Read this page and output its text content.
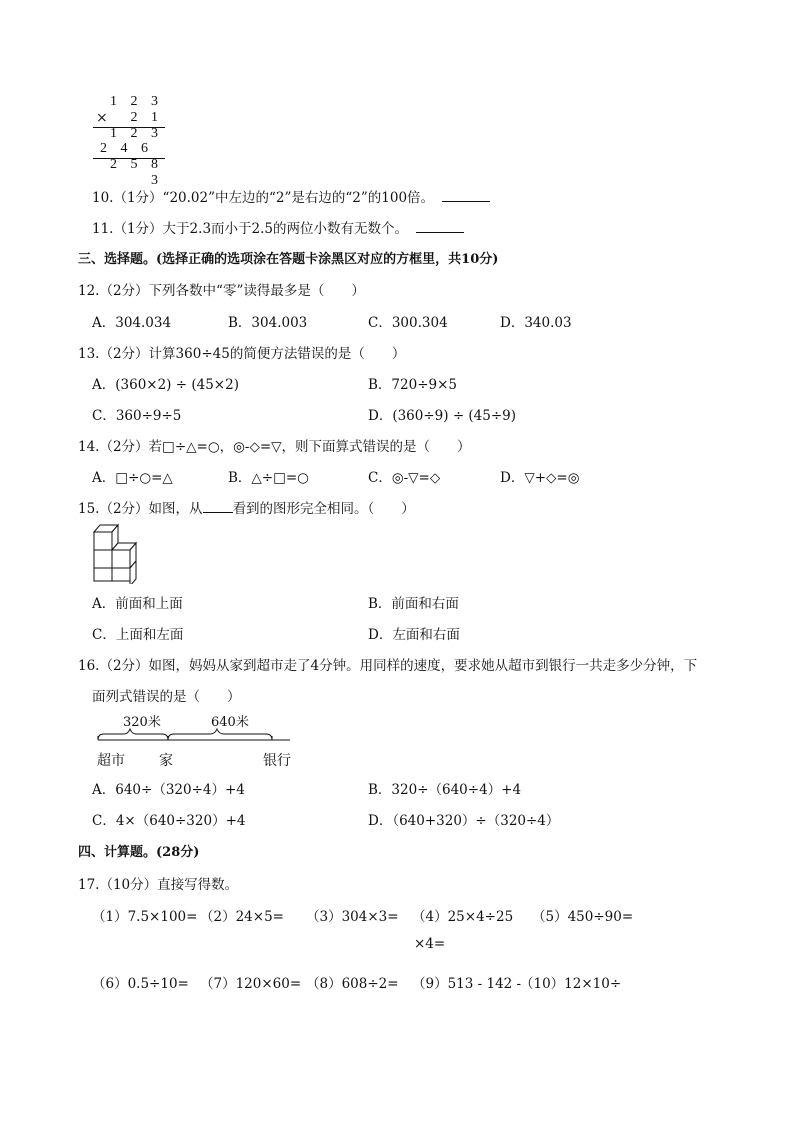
1 2 3
×	2 1
1 2 3
2 4 6
2 5 8 3
10.（1分）“20.02”中左边的“2”是右边的“2”的100倍。
11.（1分）大于2.3而小于2.5的两位小数有无数个。
三、选择题。(选择正确的选项涂在答题卡涂黑区对应的方框里，共10分)
12.（2分）下列各数中“零”读得最多是（　　）
A．304.034	B．304.003	C．300.304	D．340.03
13.（2分）计算360÷45的简便方法错误的是（　　）
A．(360×2) ÷ (45×2)	B．720÷9×5
C．360÷9÷5	D．(360÷9) ÷ (45÷9)
14.（2分）若□÷△=○，◎-◇=▽，则下面算式错误的是（　　）
A．□÷○=△	B．△÷□=○	C．◎-▽=◇	D．▽+◇=◎
15.（2分）如图，从 看到的图形完全相同。（　　）
A．前面和上面	B．前面和右面
C．上面和左面	D．左面和右面
16.（2分）如图，妈妈从家到超市走了4分钟。用同样的速度，要求她从超市到银行一共走多少分钟，下
面列式错误的是（　　）
320米	640米
超市 家	银行
A．640÷（320÷4）+4	B．320÷（640÷4）+4
C．4×（640÷320）+4	D．（640+320）÷（320÷4）
四、计算题。(28分)
17.（10分）直接写得数。
（1）7.5×100= （2）24×5= （3）304×3= （4）25×4÷25 （5）450÷90=
×4=
（6）0.5÷10= （7）120×60= （8）608÷2= （9）513 - 142 -
（10）12×10÷
